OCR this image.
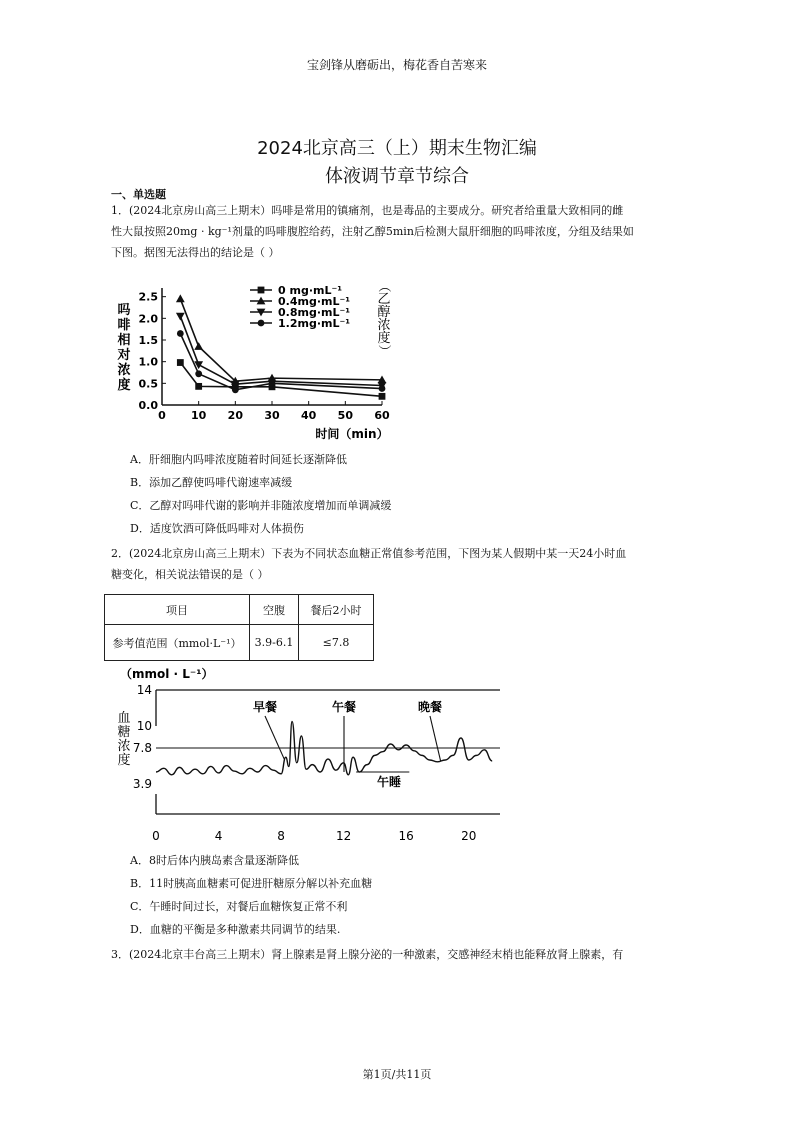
宝剑锋从磨砺出，梅花香自苦寒来
2024北京高三（上）期末生物汇编
体液调节章节综合
一、单选题
1．(2024北京房山高三上期末）吗啡是常用的镇痛剂，也是毒品的主要成分。研究者给重量大致相同的雌
性大鼠按照20mg · kg⁻¹剂量的吗啡腹腔给药，注射乙醇5min后检测大鼠肝细胞的吗啡浓度，分组及结果如
下图。据图无法得出的结论是（ ）
0.0
0.5
1.0
1.5
2.0
2.5
0 10 20 30 40 50 60
0 mg·mL⁻¹
0.4mg·mL⁻¹
0.8mg·mL⁻¹
1.2mg·mL⁻¹
时间（min）
吗
啡
相
对
浓
度
（
乙
醇
浓
度
）
A．肝细胞内吗啡浓度随着时间延长逐渐降低
B．添加乙醇使吗啡代谢速率减缓
C．乙醇对吗啡代谢的影响并非随浓度增加而单调减缓
D．适度饮酒可降低吗啡对人体损伤
2．(2024北京房山高三上期末）下表为不同状态血糖正常值参考范围，下图为某人假期中某一天24小时血
糖变化，相关说法错误的是（ ）
项目	空腹	餐后2小时
参考值范围（mmol·L⁻¹）	3.9-6.1	≤7.8
14
10
7.8
3.9
0	4	8	12	16	20
（mmol · L⁻¹）
血
糖
浓
度
早餐	午餐	晚餐
午睡
A．8时后体内胰岛素含量逐渐降低
B．11时胰高血糖素可促进肝糖原分解以补充血糖
C．午睡时间过长，对餐后血糖恢复正常不利
D．血糖的平衡是多种激素共同调节的结果.
3．(2024北京丰台高三上期末）肾上腺素是肾上腺分泌的一种激素，交感神经末梢也能释放肾上腺素，有
第1页/共11页
